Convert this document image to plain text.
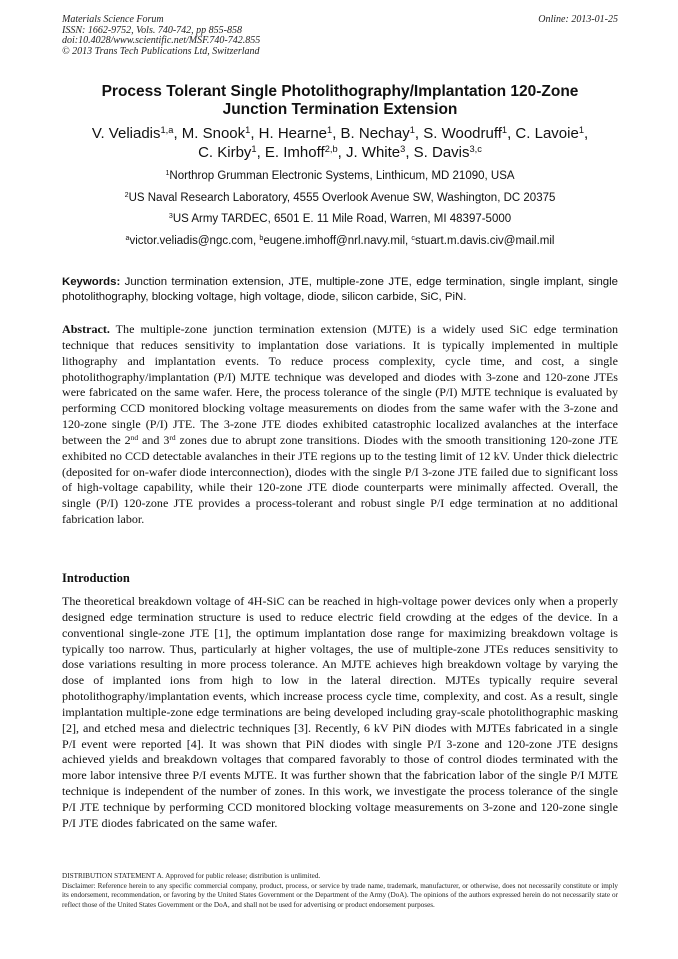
Materials Science Forum
ISSN: 1662-9752, Vols. 740-742, pp 855-858
doi:10.4028/www.scientific.net/MSF.740-742.855
© 2013 Trans Tech Publications Ltd, Switzerland
Online: 2013-01-25
Process Tolerant Single Photolithography/Implantation 120-Zone
Junction Termination Extension
V. Veliadis$^{1,a}$, M. Snook$^1$, H. Hearne$^1$, B. Nechay$^1$, S. Woodruff$^1$, C. Lavoie$^1$,
C. Kirby$^1$, E. Imhoff$^{2,b}$, J. White$^3$, S. Davis$^{3,c}$
$^1$Northrop Grumman Electronic Systems, Linthicum, MD 21090, USA
$^2$US Naval Research Laboratory, 4555 Overlook Avenue SW, Washington, DC 20375
$^3$US Army TARDEC, 6501 E. 11 Mile Road, Warren, MI 48397-5000
$^a$victor.veliadis@ngc.com, $^b$eugene.imhoff@nrl.navy.mil, $^c$stuart.m.davis.civ@mail.mil
Keywords: Junction termination extension, JTE, multiple-zone JTE, edge termination, single implant, single photolithography, blocking voltage, high voltage, diode, silicon carbide, SiC, PiN.
Abstract. The multiple-zone junction termination extension (MJTE) is a widely used SiC edge termination technique that reduces sensitivity to implantation dose variations. It is typically implemented in multiple lithography and implantation events. To reduce process complexity, cycle time, and cost, a single photolithography/implantation (P/I) MJTE technique was developed and diodes with 3-zone and 120-zone JTEs were fabricated on the same wafer. Here, the process tolerance of the single (P/I) MJTE technique is evaluated by performing CCD monitored blocking voltage measurements on diodes from the same wafer with the 3-zone and 120-zone single (P/I) JTE. The 3-zone JTE diodes exhibited catastrophic localized avalanches at the interface between the 2nd and 3rd zones due to abrupt zone transitions. Diodes with the smooth transitioning 120-zone JTE exhibited no CCD detectable avalanches in their JTE regions up to the testing limit of 12 kV. Under thick dielectric (deposited for on-wafer diode interconnection), diodes with the single P/I 3-zone JTE failed due to significant loss of high-voltage capability, while their 120-zone JTE diode counterparts were minimally affected. Overall, the single (P/I) 120-zone JTE provides a process-tolerant and robust single P/I edge termination at no additional fabrication labor.
Introduction
The theoretical breakdown voltage of 4H-SiC can be reached in high-voltage power devices only when a properly designed edge termination structure is used to reduce electric field crowding at the edges of the device. In a conventional single-zone JTE [1], the optimum implantation dose range for maximizing breakdown voltage is typically too narrow. Thus, particularly at higher voltages, the use of multiple-zone JTEs reduces sensitivity to dose variations resulting in more process tolerance. An MJTE achieves high breakdown voltage by varying the dose of implanted ions from high to low in the lateral direction. MJTEs typically require several photolithography/implantation events, which increase process cycle time, complexity, and cost. As a result, single implantation multiple-zone edge terminations are being developed including gray-scale photolithographic masking [2], and etched mesa and dielectric techniques [3]. Recently, 6 kV PiN diodes with MJTEs fabricated in a single P/I event were reported [4]. It was shown that PiN diodes with single P/I 3-zone and 120-zone JTE designs achieved yields and breakdown voltages that compared favorably to those of control diodes terminated with the more labor intensive three P/I events MJTE. It was further shown that the fabrication labor of the single P/I MJTE technique is independent of the number of zones. In this work, we investigate the process tolerance of the single P/I JTE technique by performing CCD monitored blocking voltage measurements on 3-zone and 120-zone single P/I JTE diodes fabricated on the same wafer.
DISTRIBUTION STATEMENT A. Approved for public release; distribution is unlimited.
Disclaimer: Reference herein to any specific commercial company, product, process, or service by trade name, trademark, manufacturer, or otherwise, does not necessarily constitute or imply its endorsement, recommendation, or favoring by the United States Government or the Department of the Army (DoA). The opinions of the authors expressed herein do not necessarily state or reflect those of the United States Government or the DoA, and shall not be used for advertising or product endorsement purposes.
